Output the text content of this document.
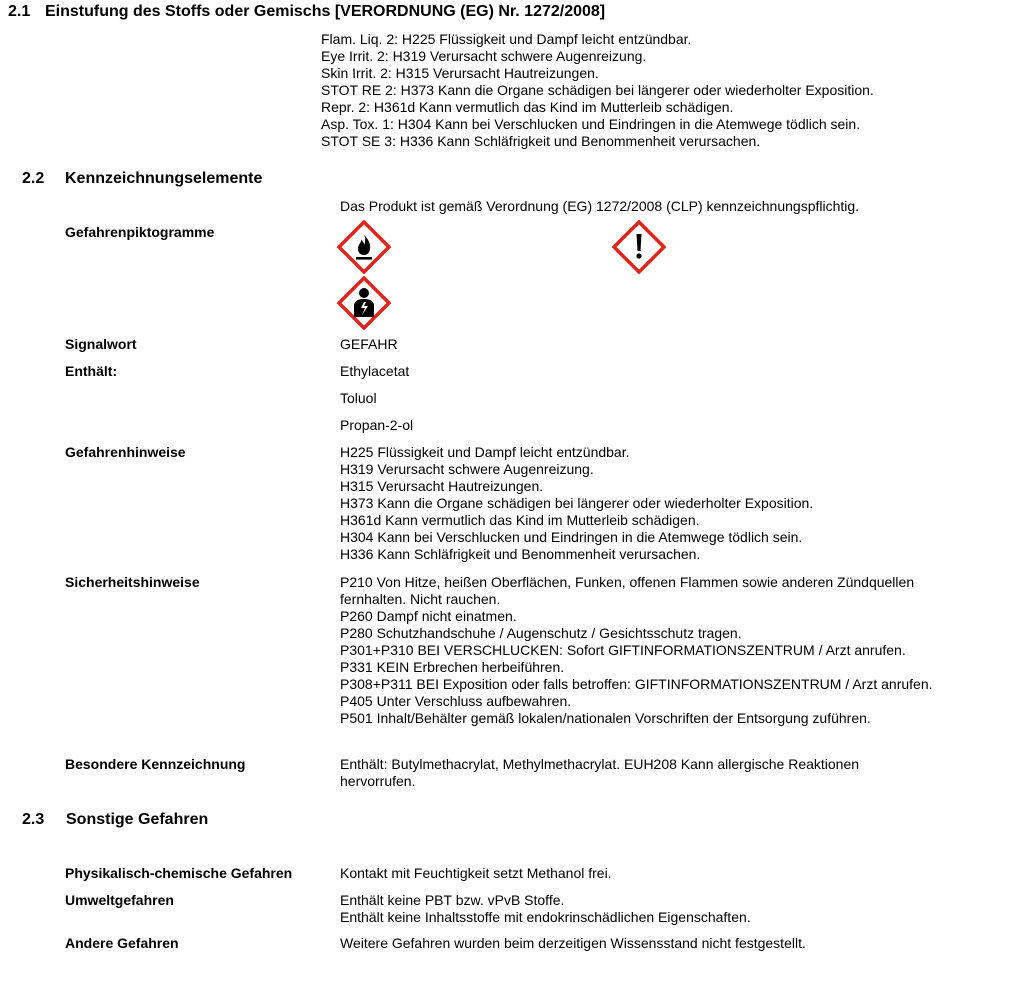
2.1 Einstufung des Stoffs oder Gemischs [VERORDNUNG (EG) Nr. 1272/2008]
Flam. Liq. 2: H225 Flüssigkeit und Dampf leicht entzündbar.
Eye Irrit. 2: H319 Verursacht schwere Augenreizung.
Skin Irrit. 2: H315 Verursacht Hautreizungen.
STOT RE 2: H373 Kann die Organe schädigen bei längerer oder wiederholter Exposition.
Repr. 2: H361d Kann vermutlich das Kind im Mutterleib schädigen.
Asp. Tox. 1: H304 Kann bei Verschlucken und Eindringen in die Atemwege tödlich sein.
STOT SE 3: H336 Kann Schläfrigkeit und Benommenheit verursachen.
2.2 Kennzeichnungselemente
Das Produkt ist gemäß Verordnung (EG) 1272/2008 (CLP) kennzeichnungspflichtig.
Gefahrenpiktogramme
Signalwort	GEFAHR
Enthält:	Ethylacetat
Toluol
Propan-2-ol
Gefahrenhinweise	H225 Flüssigkeit und Dampf leicht entzündbar.
H319 Verursacht schwere Augenreizung.
H315 Verursacht Hautreizungen.
H373 Kann die Organe schädigen bei längerer oder wiederholter Exposition.
H361d Kann vermutlich das Kind im Mutterleib schädigen.
H304 Kann bei Verschlucken und Eindringen in die Atemwege tödlich sein.
H336 Kann Schläfrigkeit und Benommenheit verursachen.
Sicherheitshinweise	P210 Von Hitze, heißen Oberflächen, Funken, offenen Flammen sowie anderen Zündquellen fernhalten. Nicht rauchen.
P260 Dampf nicht einatmen.
P280 Schutzhandschuhe / Augenschutz / Gesichtsschutz tragen.
P301+P310 BEI VERSCHLUCKEN: Sofort GIFTINFORMATIONSZENTRUM / Arzt anrufen.
P331 KEIN Erbrechen herbeiführen.
P308+P311 BEI Exposition oder falls betroffen: GIFTINFORMATIONSZENTRUM / Arzt anrufen.
P405 Unter Verschluss aufbewahren.
P501 Inhalt/Behälter gemäß lokalen/nationalen Vorschriften der Entsorgung zuführen.
Besondere Kennzeichnung	Enthält: Butylmethacrylat, Methylmethacrylat. EUH208 Kann allergische Reaktionen hervorrufen.
2.3 Sonstige Gefahren
Physikalisch-chemische Gefahren	Kontakt mit Feuchtigkeit setzt Methanol frei.
Umweltgefahren	Enthält keine PBT bzw. vPvB Stoffe.
Enthält keine Inhaltsstoffe mit endokrinschädlichen Eigenschaften.
Andere Gefahren	Weitere Gefahren wurden beim derzeitigen Wissensstand nicht festgestellt.
